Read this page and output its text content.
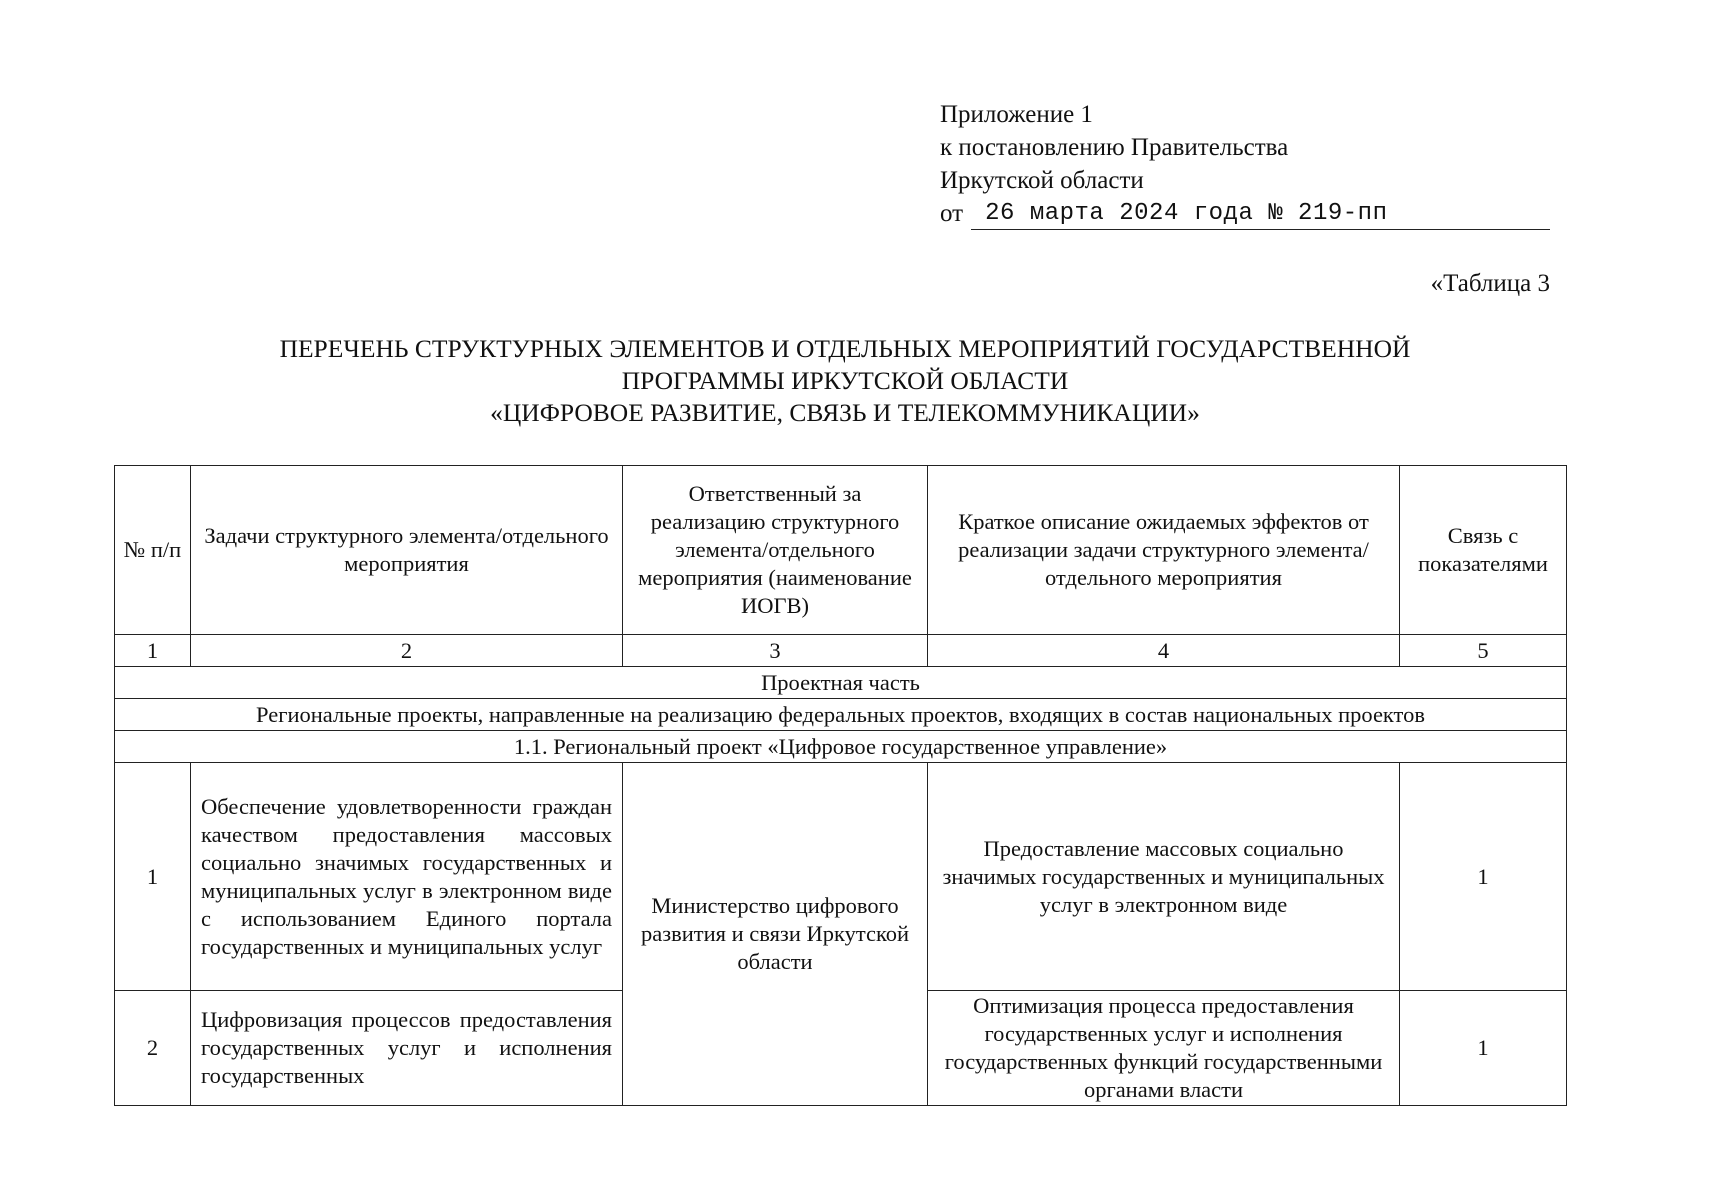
Приложение 1
к постановлению Правительства
Иркутской области
от 26 марта 2024 года № 219-пп
«Таблица 3
ПЕРЕЧЕНЬ СТРУКТУРНЫХ ЭЛЕМЕНТОВ И ОТДЕЛЬНЫХ МЕРОПРИЯТИЙ ГОСУДАРСТВЕННОЙ
ПРОГРАММЫ ИРКУТСКОЙ ОБЛАСТИ
«ЦИФРОВОЕ РАЗВИТИЕ, СВЯЗЬ И ТЕЛЕКОММУНИКАЦИИ»
№ п/п	Задачи структурного элемента/отдельного мероприятия	Ответственный за реализацию структурного элемента/отдельного мероприятия (наименование ИОГВ)	Краткое описание ожидаемых эффектов от реализации задачи структурного элемента/отдельного мероприятия	Связь с показателями
1	2	3	4	5
Проектная часть				
Региональные проекты, направленные на реализацию федеральных проектов, входящих в состав национальных проектов				
1.1. Региональный проект «Цифровое государственное управление»				
1	Обеспечение удовлетворенности граждан качеством предоставления массовых социально значимых государственных и муниципальных услуг в электронном виде с использованием Единого портала государственных и муниципальных услуг	Министерство цифрового развития и связи Иркутской области	Предоставление массовых социально значимых государственных и муниципальных услуг в электронном виде	1
2	Цифровизация процессов предоставления государственных услуг и исполнения государственных		Оптимизация процесса предоставления государственных услуг и исполнения государственных функций государственными органами власти	1
